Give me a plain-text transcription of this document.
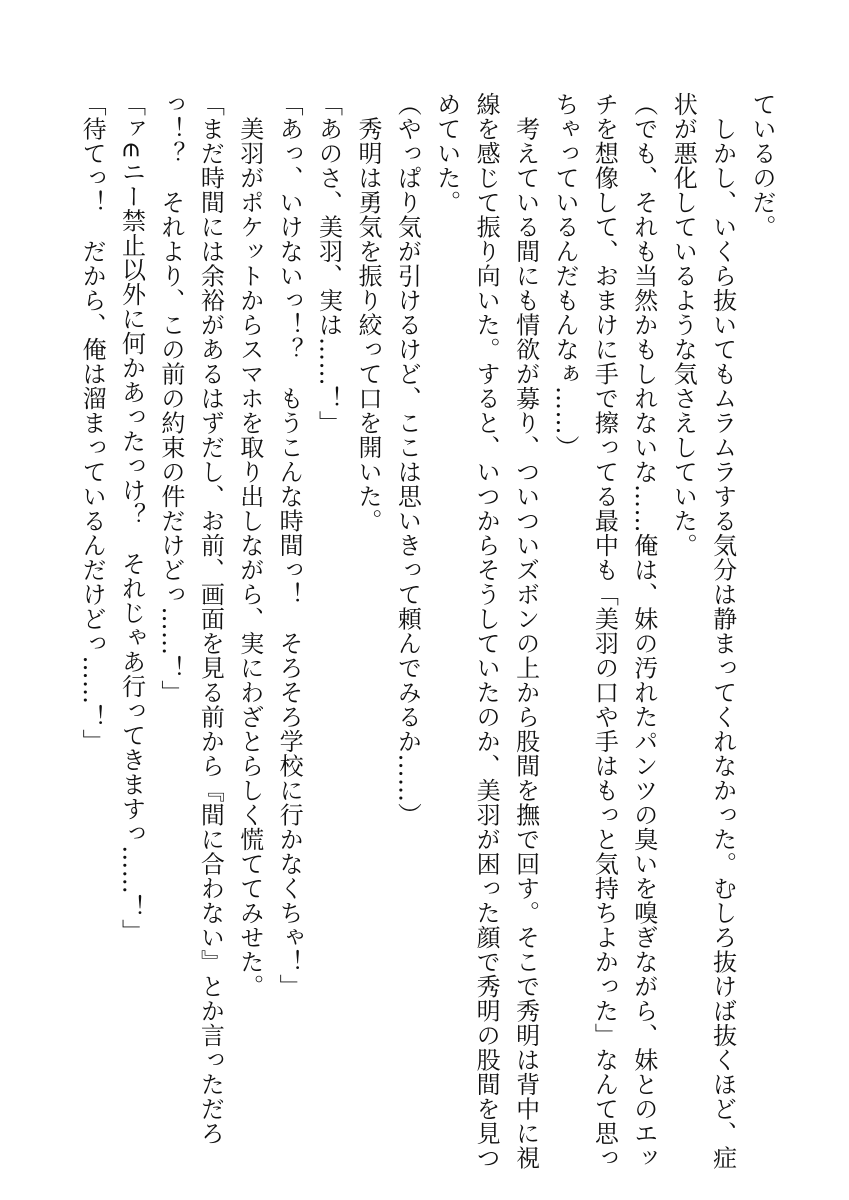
ているのだ。
　しかし、いくら抜いてもムラムラする気分は静まってくれなかった。むしろ抜けば抜くほど、症
状が悪化しているような気さえしていた。
（でも、それも当然かもしれないな……俺は、妹の汚れたパンツの臭いを嗅ぎながら、妹とのエッ
チを想像して、おまけに手で擦ってる最中も「美羽の口や手はもっと気持ちよかった」なんて思っ
ちゃっているんだもんなぁ……）
　考えている間にも情欲が募り、ついついズボンの上から股間を撫で回す。そこで秀明は背中に視
線を感じて振り向いた。すると、いつからそうしていたのか、美羽が困った顔で秀明の股間を見つ
めていた。
（やっぱり気が引けるけど、ここは思いきって頼んでみるか……）
　秀明は勇気を振り絞って口を開いた。
「あのさ、美羽、実は……！」
「あっ、いけないっ！？　もうこんな時間っ！　そろそろ学校に行かなくちゃ！」
　美羽がポケットからスマホを取り出しながら、実にわざとらしく慌ててみせた。
「まだ時間には余裕があるはずだし、お前、画面を見る前から『間に合わない』とか言っただろ
っ！？　それより、この前の約束の件だけどっ……！」
「ァ∈ニー禁止以外に何かあったっけ？　それじゃあ行ってきますっ……！」
「待てっ！　だから、俺は溜まっているんだけどっ……！」
